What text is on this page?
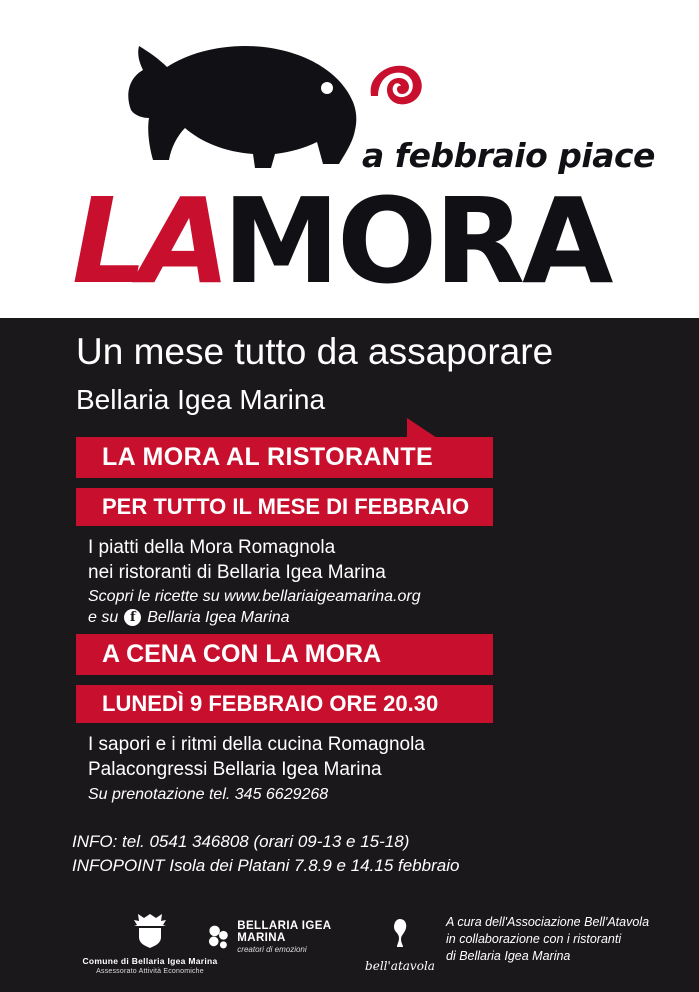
a febbraio piace
LAMORA
Un mese tutto da assaporare
Bellaria Igea Marina
LA MORA AL RISTORANTE
PER TUTTO IL MESE DI FEBBRAIO
I piatti della Mora Romagnola
nei ristoranti di Bellaria Igea Marina
Scopri le ricette su www.bellariaigeamarina.org
e su f Bellaria Igea Marina
A CENA CON LA MORA
LUNEDÌ 9 FEBBRAIO ORE 20.30
I sapori e i ritmi della cucina Romagnola
Palacongressi Bellaria Igea Marina
Su prenotazione tel. 345 6629268
INFO: tel. 0541 346808 (orari 09-13 e 15-18)
INFOPOINT Isola dei Platani 7.8.9 e 14.15 febbraio
Comune di Bellaria Igea Marina
Assessorato Attività Economiche
BELLARIA IGEA MARINA
creatori di emozioni
bell'atavola
A cura dell'Associazione Bell'Atavola
in collaborazione con i ristoranti
di Bellaria Igea Marina
